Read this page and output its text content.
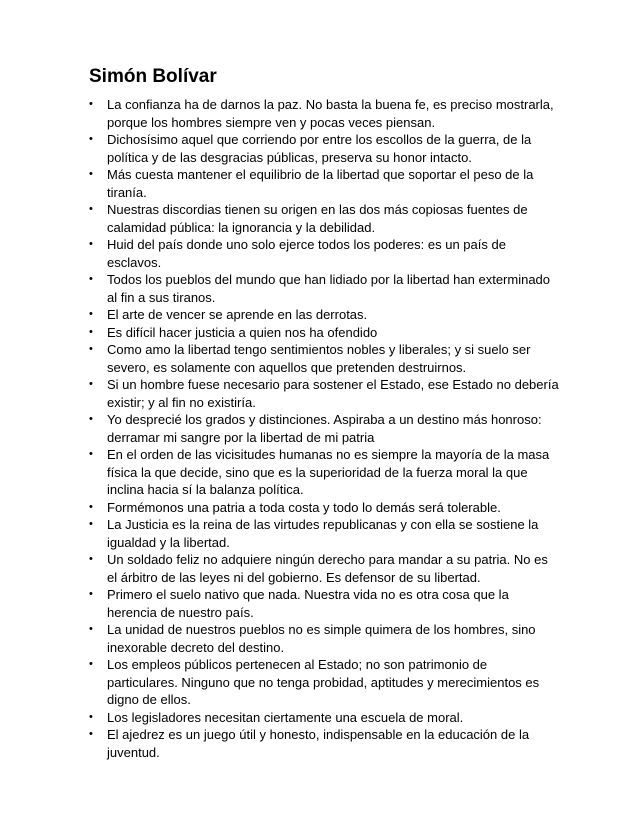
Simón Bolívar
• La confianza ha de darnos la paz. No basta la buena fe, es preciso mostrarla, porque los hombres siempre ven y pocas veces piensan.
• Dichosísimo aquel que corriendo por entre los escollos de la guerra, de la política y de las desgracias públicas, preserva su honor intacto.
• Más cuesta mantener el equilibrio de la libertad que soportar el peso de la tiranía.
• Nuestras discordias tienen su origen en las dos más copiosas fuentes de calamidad pública: la ignorancia y la debilidad.
• Huid del país donde uno solo ejerce todos los poderes: es un país de esclavos.
• Todos los pueblos del mundo que han lidiado por la libertad han exterminado al fin a sus tiranos.
• El arte de vencer se aprende en las derrotas.
• Es difícil hacer justicia a quien nos ha ofendido
• Como amo la libertad tengo sentimientos nobles y liberales; y si suelo ser severo, es solamente con aquellos que pretenden destruirnos.
• Si un hombre fuese necesario para sostener el Estado, ese Estado no debería existir; y al fin no existiría.
• Yo desprecié los grados y distinciones. Aspiraba a un destino más honroso: derramar mi sangre por la libertad de mi patria
• En el orden de las vicisitudes humanas no es siempre la mayoría de la masa física la que decide, sino que es la superioridad de la fuerza moral la que inclina hacia sí la balanza política.
• Formémonos una patria a toda costa y todo lo demás será tolerable.
• La Justicia es la reina de las virtudes republicanas y con ella se sostiene la igualdad y la libertad.
• Un soldado feliz no adquiere ningún derecho para mandar a su patria. No es el árbitro de las leyes ni del gobierno. Es defensor de su libertad.
• Primero el suelo nativo que nada. Nuestra vida no es otra cosa que la herencia de nuestro país.
• La unidad de nuestros pueblos no es simple quimera de los hombres, sino inexorable decreto del destino.
• Los empleos públicos pertenecen al Estado; no son patrimonio de particulares. Ninguno que no tenga probidad, aptitudes y merecimientos es digno de ellos.
• Los legisladores necesitan ciertamente una escuela de moral.
• El ajedrez es un juego útil y honesto, indispensable en la educación de la juventud.
